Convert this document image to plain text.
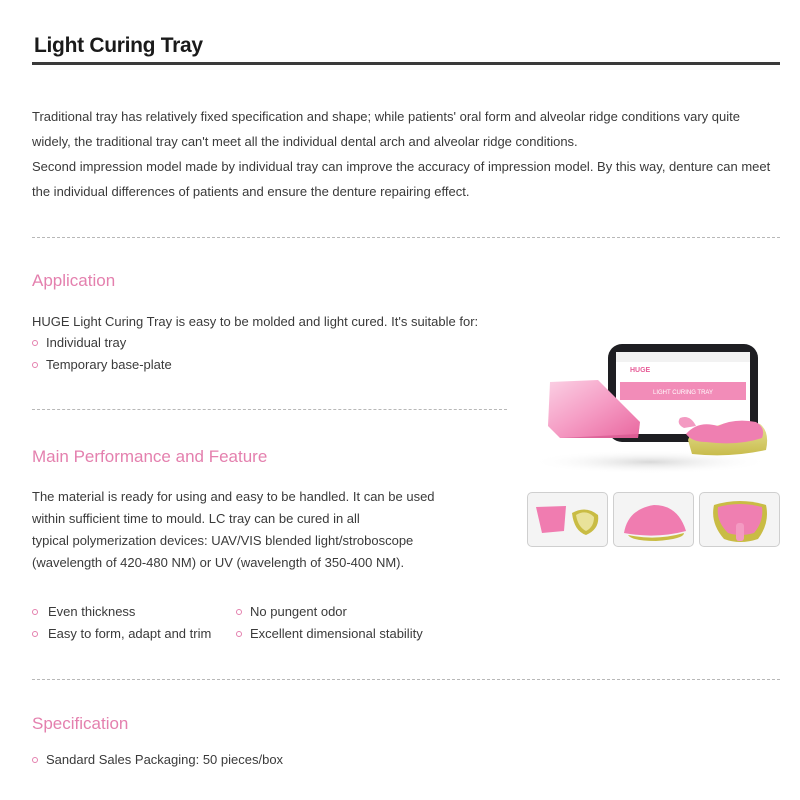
Light Curing Tray

Traditional tray has relatively fixed specification and shape; while patients' oral form and alveolar ridge conditions vary quite widely, the traditional tray can't meet all the individual dental arch and alveolar ridge conditions.

Second impression model made by individual tray can improve the accuracy of impression model. By this way, denture can meet the individual differences of patients and ensure the denture repairing effect.

Application

HUGE Light Curing Tray is easy to be molded and light cured. It's suitable for:

Individual tray
Temporary base-plate
Main Performance and Feature
The material is ready for using and easy to be handled. It can be used
within sufficient time to mould. LC tray can be cured in all
typical polymerization devices: UAV/VIS blended light/stroboscope
(wavelength of 420-480 NM) or UV (wavelength of 350-400 NM).
Even thickness
Easy to form, adapt and trim
No pungent odor
Excellent dimensional stability
Specification
Sandard Sales Packaging: 50 pieces/box
HUGE
LIGHT CURING TRAY
